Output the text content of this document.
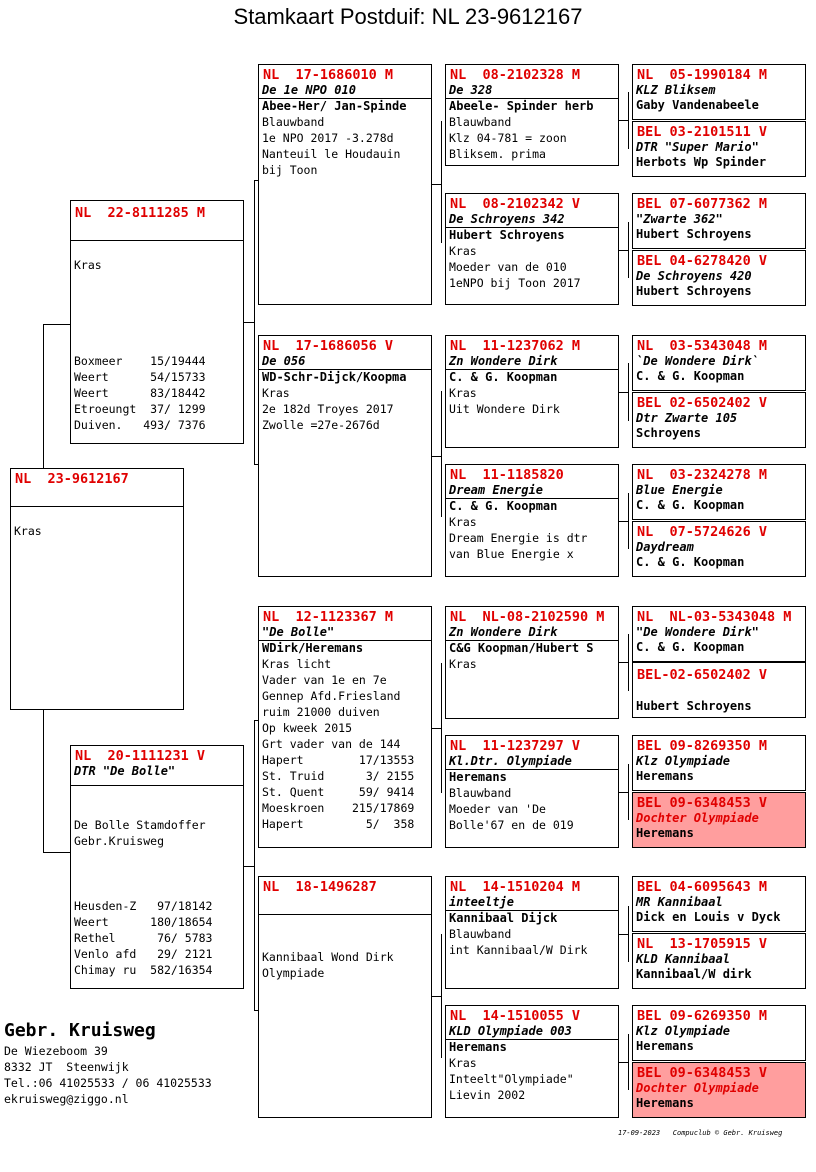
Stamkaart Postduif: NL 23-9612167
NL  23-9612167
Kras
NL  22-8111285 M
Kras
Boxmeer    15/19444
Weert      54/15733
Weert      83/18442
Etroeungt  37/ 1299
Duiven.   493/ 7376
NL  20-1111231 V
DTR "De Bolle"
De Bolle Stamdoffer
Gebr.Kruisweg
Heusden-Z   97/18142
Weert      180/18654
Rethel      76/ 5783
Venlo afd   29/ 2121
Chimay ru  582/16354
NL  17-1686010 M
De 1e NPO 010
Abee-Her/ Jan-Spinde
Blauwband
1e NPO 2017 -3.278d
Nanteuil le Houdauin
bij Toon
NL  17-1686056 V
De 056
WD-Schr-Dijck/Koopma
Kras
2e 182d Troyes 2017
Zwolle =27e-2676d
NL  12-1123367 M
"De Bolle"
WDirk/Heremans
Kras licht
Vader van 1e en 7e
Gennep Afd.Friesland
ruim 21000 duiven
Op kweek 2015
Grt vader van de 144
Hapert        17/13553
St. Truid      3/ 2155
St. Quent     59/ 9414
Moeskroen    215/17869
Hapert         5/  358
NL  18-1496287
Kannibaal Wond Dirk
Olympiade
NL  08-2102328 M
De 328
Abeele- Spinder herb
Blauwband
Klz 04-781 = zoon
Bliksem. prima
NL  08-2102342 V
De Schroyens 342
Hubert Schroyens
Kras
Moeder van de 010
1eNPO bij Toon 2017
NL  11-1237062 M
Zn Wondere Dirk
C. & G. Koopman
Kras
Uit Wondere Dirk
NL  11-1185820
Dream Energie
C. & G. Koopman
Kras
Dream Energie is dtr
van Blue Energie x
NL  NL-08-2102590 M
Zn Wondere Dirk
C&G Koopman/Hubert S
Kras
NL  11-1237297 V
Kl.Dtr. Olympiade
Heremans
Blauwband
Moeder van 'De
Bolle'67 en de 019
NL  14-1510204 M
inteeltje
Kannibaal Dijck
Blauwband
int Kannibaal/W Dirk
NL  14-1510055 V
KLD Olympiade 003
Heremans
Kras
Inteelt"Olympiade"
Lievin 2002
NL  05-1990184 M
KLZ Bliksem
Gaby Vandenabeele
BEL 03-2101511 V
DTR "Super Mario"
Herbots Wp Spinder
BEL 07-6077362 M
"Zwarte 362"
Hubert Schroyens
BEL 04-6278420 V
De Schroyens 420
Hubert Schroyens
NL  03-5343048 M
`De Wondere Dirk`
C. & G. Koopman
BEL 02-6502402 V
Dtr Zwarte 105
Schroyens
NL  03-2324278 M
Blue Energie
C. & G. Koopman
NL  07-5724626 V
Daydream
C. & G. Koopman
NL  NL-03-5343048 M
"De Wondere Dirk"
C. & G. Koopman
BEL-02-6502402 V
Hubert Schroyens
BEL 09-8269350 M
Klz Olympiade
Heremans
BEL 09-6348453 V
Dochter Olympiade
Heremans
BEL 04-6095643 M
MR Kannibaal
Dick en Louis v Dyck
NL  13-1705915 V
KLD Kannibaal
Kannibaal/W dirk
BEL 09-6269350 M
Klz Olympiade
Heremans
BEL 09-6348453 V
Dochter Olympiade
Heremans
Gebr. Kruisweg
De Wiezeboom 39
8332 JT  Steenwijk
Tel.:06 41025533 / 06 41025533
ekruisweg@ziggo.nl
17-09-2023   Compuclub © Gebr. Kruisweg
